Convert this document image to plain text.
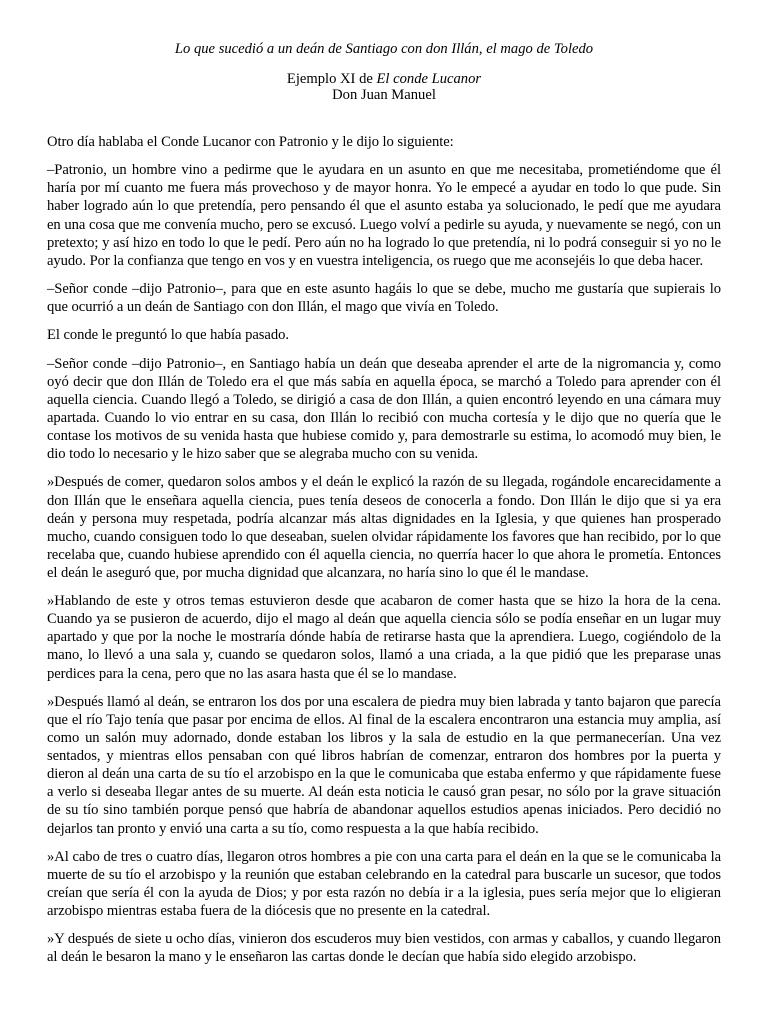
Lo que sucedió a un deán de Santiago con don Illán, el mago de Toledo

Ejemplo XI de El conde Lucanor

Don Juan Manuel

Otro día hablaba el Conde Lucanor con Patronio y le dijo lo siguiente:

–Patronio, un hombre vino a pedirme que le ayudara en un asunto en que me necesitaba, prometiéndome que él haría por mí cuanto me fuera más provechoso y de mayor honra. Yo le empecé a ayudar en todo lo que pude. Sin haber logrado aún lo que pretendía, pero pensando él que el asunto estaba ya solucionado, le pedí que me ayudara en una cosa que me convenía mucho, pero se excusó. Luego volví a pedirle su ayuda, y nuevamente se negó, con un pretexto; y así hizo en todo lo que le pedí. Pero aún no ha logrado lo que pretendía, ni lo podrá conseguir si yo no le ayudo. Por la confianza que tengo en vos y en vuestra inteligencia, os ruego que me aconsejéis lo que deba hacer.

–Señor conde –dijo Patronio–, para que en este asunto hagáis lo que se debe, mucho me gustaría que supierais lo que ocurrió a un deán de Santiago con don Illán, el mago que vivía en Toledo.

El conde le preguntó lo que había pasado.

–Señor conde –dijo Patronio–, en Santiago había un deán que deseaba aprender el arte de la nigromancia y, como oyó decir que don Illán de Toledo era el que más sabía en aquella época, se marchó a Toledo para aprender con él aquella ciencia. Cuando llegó a Toledo, se dirigió a casa de don Illán, a quien encontró leyendo en una cámara muy apartada. Cuando lo vio entrar en su casa, don Illán lo recibió con mucha cortesía y le dijo que no quería que le contase los motivos de su venida hasta que hubiese comido y, para demostrarle su estima, lo acomodó muy bien, le dio todo lo necesario y le hizo saber que se alegraba mucho con su venida.

»Después de comer, quedaron solos ambos y el deán le explicó la razón de su llegada, rogándole encarecidamente a don Illán que le enseñara aquella ciencia, pues tenía deseos de conocerla a fondo. Don Illán le dijo que si ya era deán y persona muy respetada, podría alcanzar más altas dignidades en la Iglesia, y que quienes han prosperado mucho, cuando consiguen todo lo que deseaban, suelen olvidar rápidamente los favores que han recibido, por lo que recelaba que, cuando hubiese aprendido con él aquella ciencia, no querría hacer lo que ahora le prometía. Entonces el deán le aseguró que, por mucha dignidad que alcanzara, no haría sino lo que él le mandase.

»Hablando de este y otros temas estuvieron desde que acabaron de comer hasta que se hizo la hora de la cena. Cuando ya se pusieron de acuerdo, dijo el mago al deán que aquella ciencia sólo se podía enseñar en un lugar muy apartado y que por la noche le mostraría dónde había de retirarse hasta que la aprendiera. Luego, cogiéndolo de la mano, lo llevó a una sala y, cuando se quedaron solos, llamó a una criada, a la que pidió que les preparase unas perdices para la cena, pero que no las asara hasta que él se lo mandase.

»Después llamó al deán, se entraron los dos por una escalera de piedra muy bien labrada y tanto bajaron que parecía que el río Tajo tenía que pasar por encima de ellos. Al final de la escalera encontraron una estancia muy amplia, así como un salón muy adornado, donde estaban los libros y la sala de estudio en la que permanecerían. Una vez sentados, y mientras ellos pensaban con qué libros habrían de comenzar, entraron dos hombres por la puerta y dieron al deán una carta de su tío el arzobispo en la que le comunicaba que estaba enfermo y que rápidamente fuese a verlo si deseaba llegar antes de su muerte. Al deán esta noticia le causó gran pesar, no sólo por la grave situación de su tío sino también porque pensó que habría de abandonar aquellos estudios apenas iniciados. Pero decidió no dejarlos tan pronto y envió una carta a su tío, como respuesta a la que había recibido.

»Al cabo de tres o cuatro días, llegaron otros hombres a pie con una carta para el deán en la que se le comunicaba la muerte de su tío el arzobispo y la reunión que estaban celebrando en la catedral para buscarle un sucesor, que todos creían que sería él con la ayuda de Dios; y por esta razón no debía ir a la iglesia, pues sería mejor que lo eligieran arzobispo mientras estaba fuera de la diócesis que no presente en la catedral.

»Y después de siete u ocho días, vinieron dos escuderos muy bien vestidos, con armas y caballos, y cuando llegaron al deán le besaron la mano y le enseñaron las cartas donde le decían que había sido elegido arzobispo.
